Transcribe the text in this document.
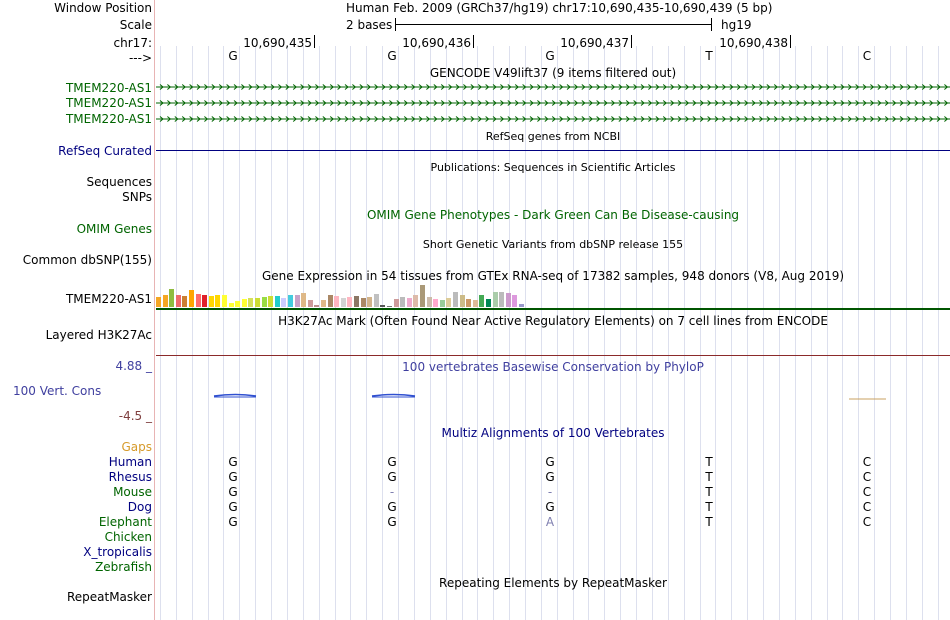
Window Position	Human Feb. 2009 (GRCh37/hg19) chr17:10,690,435-10,690,439 (5 bp)
Scale	2 bases	hg19
chr17:	10,690,435	10,690,436	10,690,437	10,690,438
--->	G	G	G	T	C
GENCODE V49lift37 (9 items filtered out)
TMEM220-AS1
TMEM220-AS1
TMEM220-AS1
RefSeq genes from NCBI
RefSeq Curated
Publications: Sequences in Scientific Articles
Sequences
SNPs
OMIM Gene Phenotypes - Dark Green Can Be Disease-causing
OMIM Genes
Short Genetic Variants from dbSNP release 155
Common dbSNP(155)
Gene Expression in 54 tissues from GTEx RNA-seq of 17382 samples, 948 donors (V8, Aug 2019)
TMEM220-AS1
H3K27Ac Mark (Often Found Near Active Regulatory Elements) on 7 cell lines from ENCODE
Layered H3K27Ac
100 vertebrates Basewise Conservation by PhyloP
4.88 _
100 Vert. Cons
-4.5 _
Multiz Alignments of 100 Vertebrates
Gaps
Human	G	G	G	T	C
Rhesus	G	G	G	T	C
Mouse	G	-	-	T	C
Dog	G	G	G	T	C
Elephant	G	G	A	T	C
Chicken
X_tropicalis
Zebrafish
Repeating Elements by RepeatMasker
RepeatMasker
